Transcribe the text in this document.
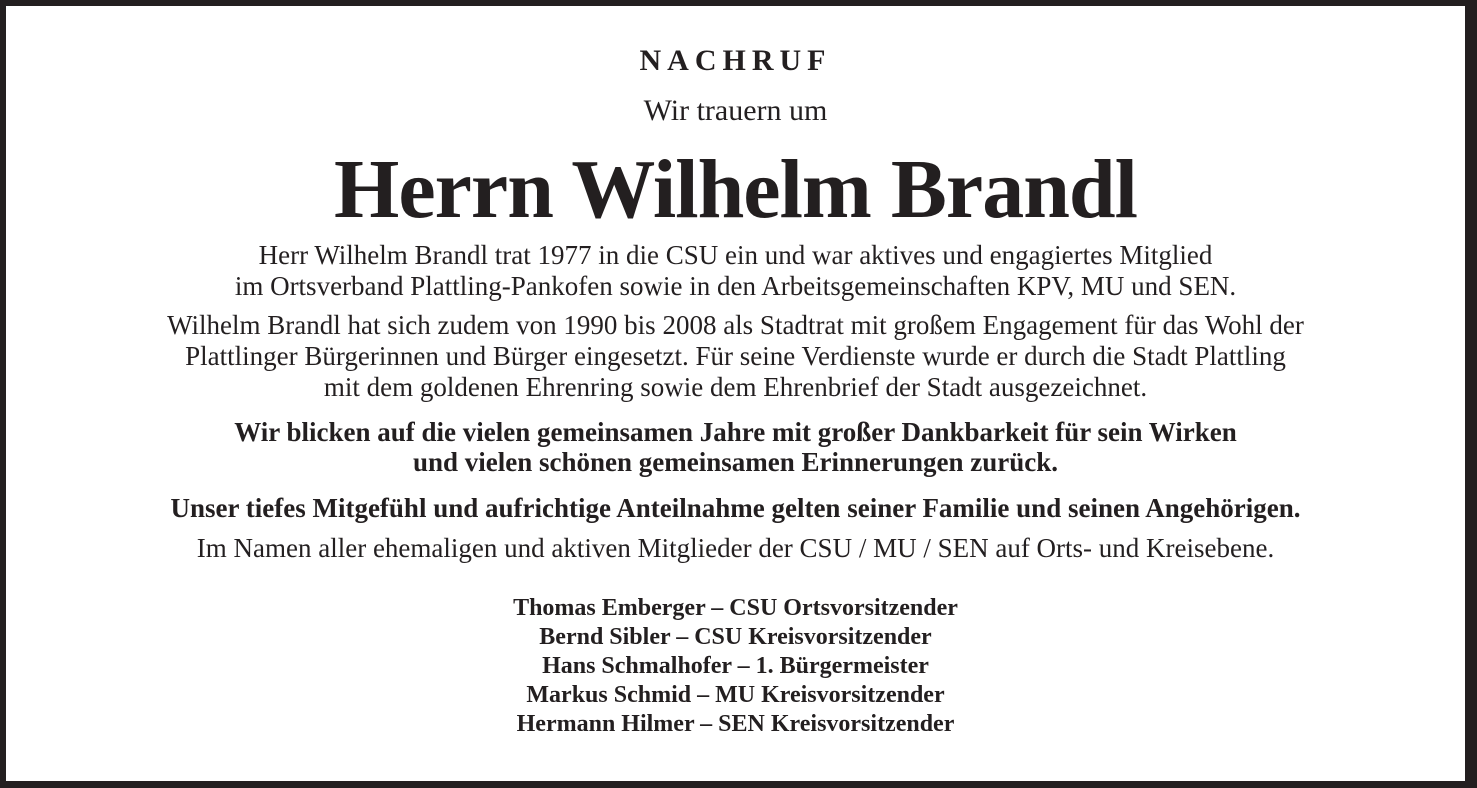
NACHRUF
Wir trauern um
Herrn Wilhelm Brandl

Herr Wilhelm Brandl trat 1977 in die CSU ein und war aktives und engagiertes Mitglied
im Ortsverband Plattling-Pankofen sowie in den Arbeitsgemeinschaften KPV, MU und SEN.

Wilhelm Brandl hat sich zudem von 1990 bis 2008 als Stadtrat mit großem Engagement für das Wohl der
Plattlinger Bürgerinnen und Bürger eingesetzt. Für seine Verdienste wurde er durch die Stadt Plattling
mit dem goldenen Ehrenring sowie dem Ehrenbrief der Stadt ausgezeichnet.

Wir blicken auf die vielen gemeinsamen Jahre mit großer Dankbarkeit für sein Wirken
und vielen schönen gemeinsamen Erinnerungen zurück.

Unser tiefes Mitgefühl und aufrichtige Anteilnahme gelten seiner Familie und seinen Angehörigen.

Im Namen aller ehemaligen und aktiven Mitglieder der CSU / MU / SEN auf Orts- und Kreisebene.

Thomas Emberger – CSU Ortsvorsitzender
Bernd Sibler – CSU Kreisvorsitzender
Hans Schmalhofer – 1. Bürgermeister
Markus Schmid – MU Kreisvorsitzender
Hermann Hilmer – SEN Kreisvorsitzender
